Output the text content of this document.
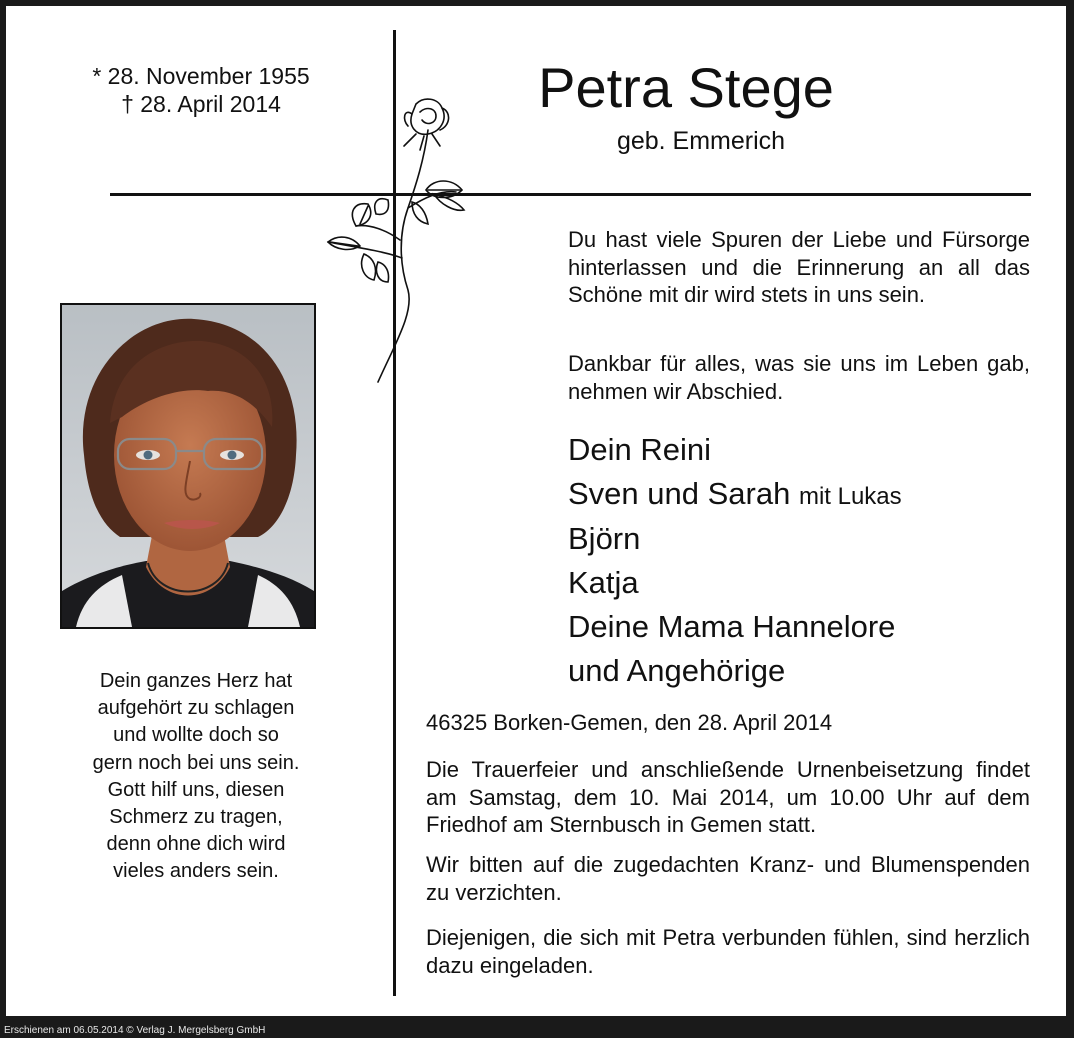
* 28. November 1955
† 28. April 2014	Petra Stege
geb. Emmerich
Dein ganzes Herz hat
aufgehört zu schlagen
und wollte doch so
gern noch bei uns sein.
Gott hilf uns, diesen
Schmerz zu tragen,
denn ohne dich wird
vieles anders sein.

Du hast viele Spuren der Liebe und Fürsorge hinterlassen und die Erinnerung an all das Schöne mit dir wird stets in uns sein.

Dankbar für alles, was sie uns im Leben gab, nehmen wir Abschied.

Dein Reini
Sven und Sarah mit Lukas
Björn
Katja
Deine Mama Hannelore
und Angehörige

46325 Borken-Gemen, den 28. April 2014

Die Trauerfeier und anschließende Urnenbeisetzung findet am Samstag, dem 10. Mai 2014, um 10.00 Uhr auf dem Friedhof am Sternbusch in Gemen statt.

Wir bitten auf die zugedachten Kranz- und Blumenspenden zu verzichten.

Diejenigen, die sich mit Petra verbunden fühlen, sind herzlich dazu eingeladen.

Erschienen am 06.05.2014 © Verlag J. Mergelsberg GmbH
